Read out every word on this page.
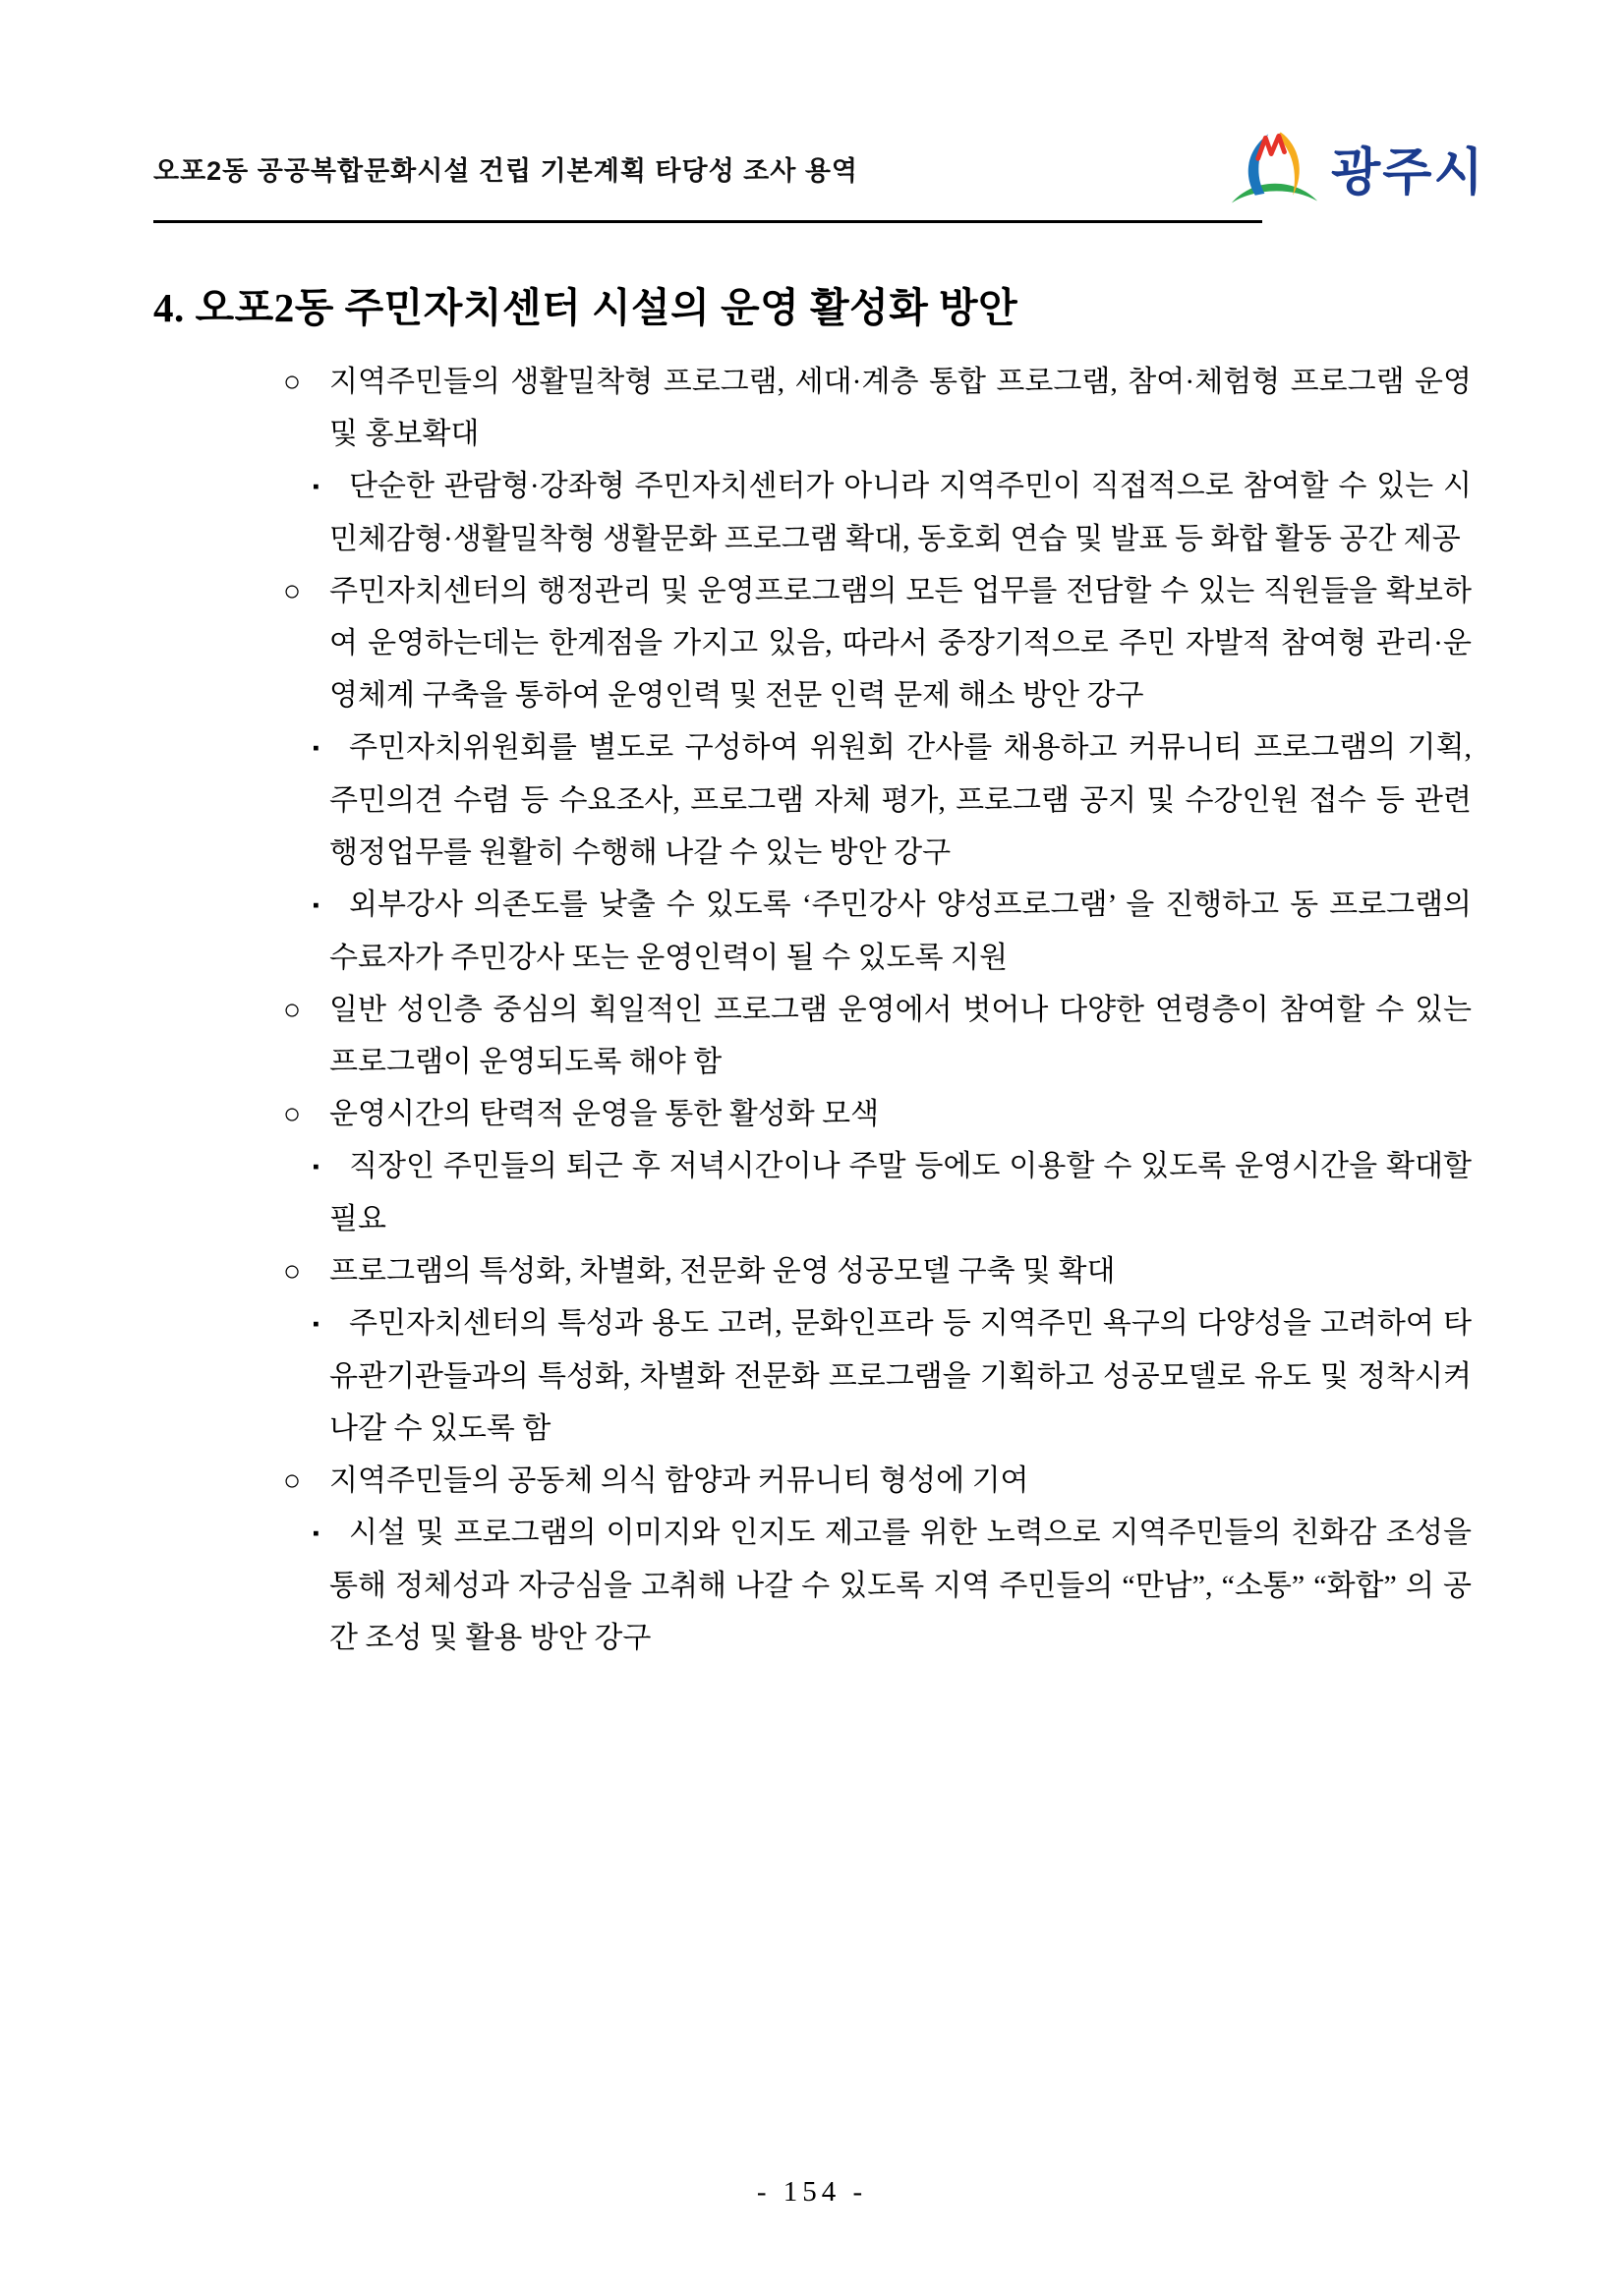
오포2동 공공복합문화시설 건립 기본계획 타당성 조사 용역	광주시
4. 오포2동 주민자치센터 시설의 운영 활성화 방안

○ 지역주민들의 생활밀착형 프로그램, 세대·계층 통합 프로그램, 참여·체험형 프로그램 운영 및 홍보확대

▪ 단순한 관람형·강좌형 주민자치센터가 아니라 지역주민이 직접적으로 참여할 수 있는 시민체감형·생활밀착형 생활문화 프로그램 확대, 동호회 연습 및 발표 등 화합 활동 공간 제공

○ 주민자치센터의 행정관리 및 운영프로그램의 모든 업무를 전담할 수 있는 직원들을 확보하여 운영하는데는 한계점을 가지고 있음, 따라서 중장기적으로 주민 자발적 참여형 관리·운영체계 구축을 통하여 운영인력 및 전문 인력 문제 해소 방안 강구

▪ 주민자치위원회를 별도로 구성하여 위원회 간사를 채용하고 커뮤니티 프로그램의 기획, 주민의견 수렴 등 수요조사, 프로그램 자체 평가, 프로그램 공지 및 수강인원 접수 등 관련 행정업무를 원활히 수행해 나갈 수 있는 방안 강구

▪ 외부강사 의존도를 낮출 수 있도록 ‘주민강사 양성프로그램’ 을 진행하고 동 프로그램의 수료자가 주민강사 또는 운영인력이 될 수 있도록 지원

○ 일반 성인층 중심의 획일적인 프로그램 운영에서 벗어나 다양한 연령층이 참여할 수 있는 프로그램이 운영되도록 해야 함

○ 운영시간의 탄력적 운영을 통한 활성화 모색

▪ 직장인 주민들의 퇴근 후 저녁시간이나 주말 등에도 이용할 수 있도록 운영시간을 확대할 필요

○ 프로그램의 특성화, 차별화, 전문화 운영 성공모델 구축 및 확대

▪ 주민자치센터의 특성과 용도 고려, 문화인프라 등 지역주민 욕구의 다양성을 고려하여 타 유관기관들과의 특성화, 차별화 전문화 프로그램을 기획하고 성공모델로 유도 및 정착시켜 나갈 수 있도록 함

○ 지역주민들의 공동체 의식 함양과 커뮤니티 형성에 기여

▪ 시설 및 프로그램의 이미지와 인지도 제고를 위한 노력으로 지역주민들의 친화감 조성을 통해 정체성과 자긍심을 고취해 나갈 수 있도록 지역 주민들의 “만남”, “소통” “화합” 의 공간 조성 및 활용 방안 강구

- 154 -
